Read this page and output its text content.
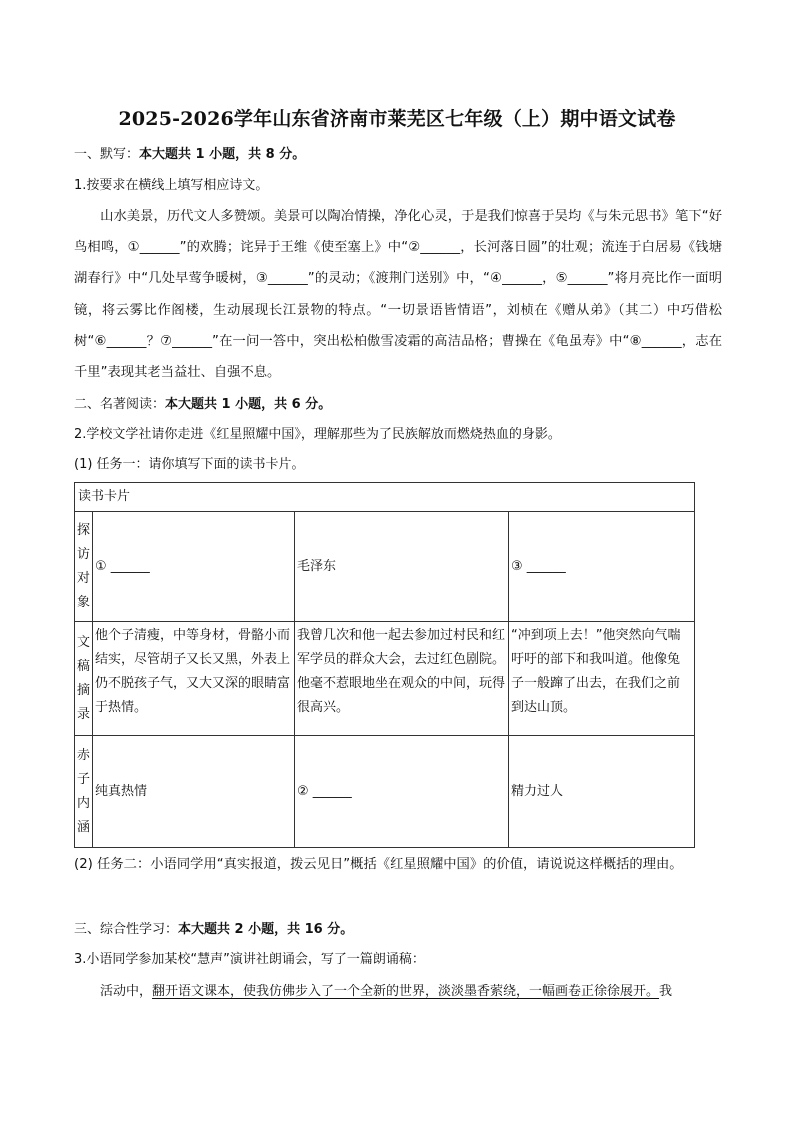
2025-2026学年山东省济南市莱芜区七年级（上）期中语文试卷
一、默写：本大题共 1 小题，共 8 分。
1.按要求在横线上填写相应诗文。
山水美景，历代文人多赞颂。美景可以陶冶情操，净化心灵，于是我们惊喜于吴均《与朱元思书》笔下“好鸟相鸣，①______”的欢腾；诧异于王维《使至塞上》中“②______，长河落日圆”的壮观；流连于白居易《钱塘湖春行》中“几处早莺争暖树，③______”的灵动；《渡荆门送别》中，“④______，⑤______”将月亮比作一面明镜，将云雾比作阁楼，生动展现长江景物的特点。“一切景语皆情语”，刘桢在《赠从弟》（其二）中巧借松树“⑥______？⑦______”在一问一答中，突出松柏傲雪凌霜的高洁品格；曹操在《龟虽寿》中“⑧______，志在千里”表现其老当益壮、自强不息。
二、名著阅读：本大题共 1 小题，共 6 分。
2.学校文学社请你走进《红星照耀中国》，理解那些为了民族解放而燃烧热血的身影。
(1) 任务一：请你填写下面的读书卡片。
读书卡片			

探
访
对
象	① ______	毛泽东	③ ______

文
稿
摘
录	他个子清瘦，中等身材，骨骼小而结实，尽管胡子又长又黑，外表上仍不脱孩子气，又大又深的眼睛富于热情。	我曾几次和他一起去参加过村民和红军学员的群众大会，去过红色剧院。他毫不惹眼地坐在观众的中间，玩得很高兴。	“冲到项上去！”他突然向气喘吁吁的部下和我叫道。他像兔子一般蹿了出去，在我们之前到达山顶。

赤
子
内
涵	纯真热情	② ______	精力过人
(2) 任务二：小语同学用“真实报道，拨云见日”概括《红星照耀中国》的价值，请说说这样概括的理由。
三、综合性学习：本大题共 2 小题，共 16 分。
3.小语同学参加某校“慧声”演讲社朗诵会，写了一篇朗诵稿：
活动中，翻开语文课本，使我仿佛步入了一个全新的世界，淡淡墨香萦绕，一幅画卷正徐徐展开。我
